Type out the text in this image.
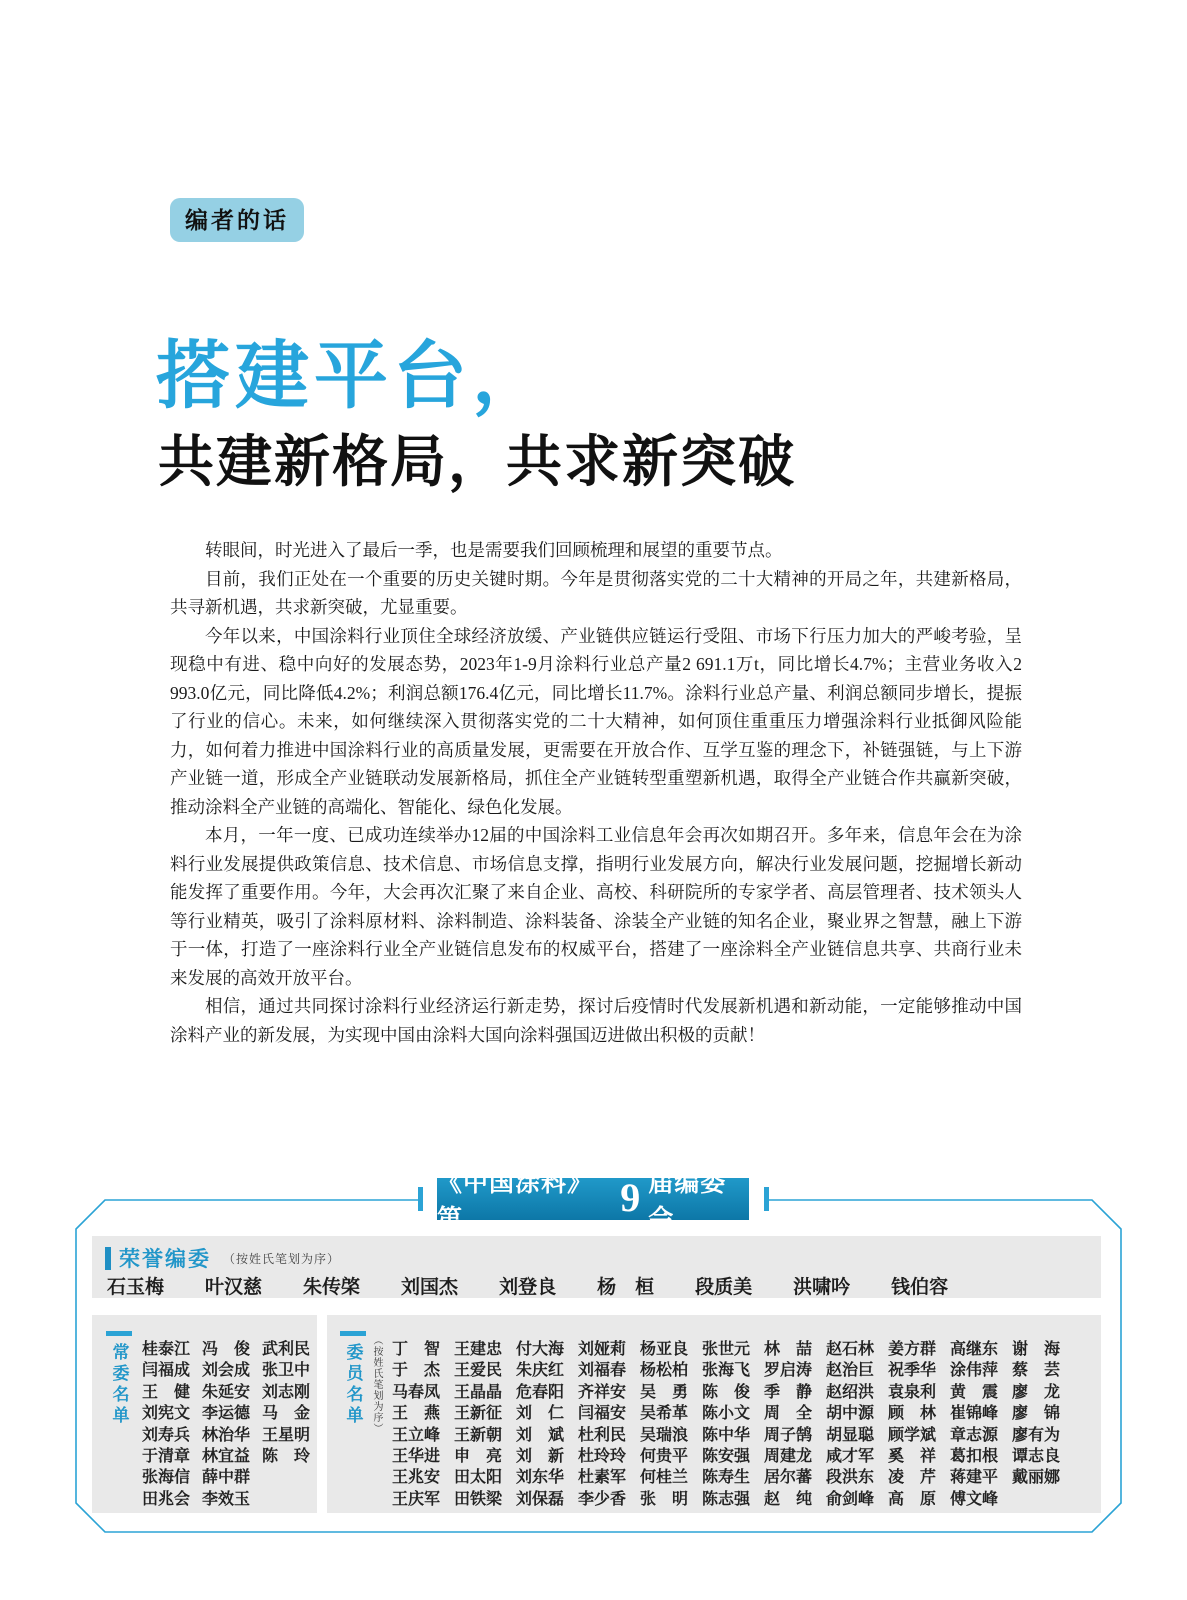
编者的话
搭建平台，
共建新格局，共求新突破

转眼间，时光进入了最后一季，也是需要我们回顾梳理和展望的重要节点。

目前，我们正处在一个重要的历史关键时期。今年是贯彻落实党的二十大精神的开局之年，共建新格局，共寻新机遇，共求新突破，尤显重要。

今年以来，中国涂料行业顶住全球经济放缓、产业链供应链运行受阻、市场下行压力加大的严峻考验，呈现稳中有进、稳中向好的发展态势，2023年1-9月涂料行业总产量2 691.1万t，同比增长4.7%；主营业务收入2 993.0亿元，同比降低4.2%；利润总额176.4亿元，同比增长11.7%。涂料行业总产量、利润总额同步增长，提振了行业的信心。未来，如何继续深入贯彻落实党的二十大精神，如何顶住重重压力增强涂料行业抵御风险能力，如何着力推进中国涂料行业的高质量发展，更需要在开放合作、互学互鉴的理念下，补链强链，与上下游产业链一道，形成全产业链联动发展新格局，抓住全产业链转型重塑新机遇，取得全产业链合作共赢新突破，推动涂料全产业链的高端化、智能化、绿色化发展。

本月，一年一度、已成功连续举办12届的中国涂料工业信息年会再次如期召开。多年来，信息年会在为涂料行业发展提供政策信息、技术信息、市场信息支撑，指明行业发展方向，解决行业发展问题，挖掘增长新动能发挥了重要作用。今年，大会再次汇聚了来自企业、高校、科研院所的专家学者、高层管理者、技术领头人等行业精英，吸引了涂料原材料、涂料制造、涂料装备、涂装全产业链的知名企业，聚业界之智慧，融上下游于一体，打造了一座涂料行业全产业链信息发布的权威平台，搭建了一座涂料全产业链信息共享、共商行业未来发展的高效开放平台。

相信，通过共同探讨涂料行业经济运行新走势，探讨后疫情时代发展新机遇和新动能，一定能够推动中国涂料产业的新发展，为实现中国由涂料大国向涂料强国迈进做出积极的贡献！

《中国涂料》第	9 届编委会
荣誉编委 （按姓氏笔划为序）
石玉梅 叶汉慈 朱传棨 刘国杰 刘登良 杨　桓 段质美 洪啸吟 钱伯容
常委名单 桂泰江
闫福成
王　健
刘宪文
刘寿兵
于清章
张海信
田兆会
冯　俊
刘会成
朱延安
李运德
林治华
林宜益
薛中群
李效玉
武利民
张卫中
刘志刚
马　金
王星明
陈　玲
委员名单 （按姓氏笔划为序） 丁　智
于　杰
马春凤
王　燕
王立峰
王华进
王兆安
王庆军
王建忠
王爱民
王晶晶
王新征
王新朝
申　亮
田太阳
田铁梁
付大海
朱庆红
危春阳
刘　仁
刘　斌
刘　新
刘东华
刘保磊
刘娅莉
刘福春
齐祥安
闫福安
杜利民
杜玲玲
杜素军
李少香
杨亚良
杨松柏
吴　勇
吴希革
吴瑞浪
何贵平
何桂兰
张　明
张世元
张海飞
陈　俊
陈小文
陈中华
陈安强
陈寿生
陈志强
林　喆
罗启涛
季　静
周　全
周子鹄
周建龙
居尔蕃
赵　纯
赵石林
赵治巨
赵绍洪
胡中源
胡显聪
咸才军
段洪东
俞剑峰
姜方群
祝季华
袁泉利
顾　林
顾学斌
奚　祥
凌　芹
高　原
高继东
涂伟萍
黄　震
崔锦峰
章志源
葛扣根
蒋建平
傅文峰
谢　海
蔡　芸
廖　龙
廖　锦
廖有为
谭志良
戴丽娜
